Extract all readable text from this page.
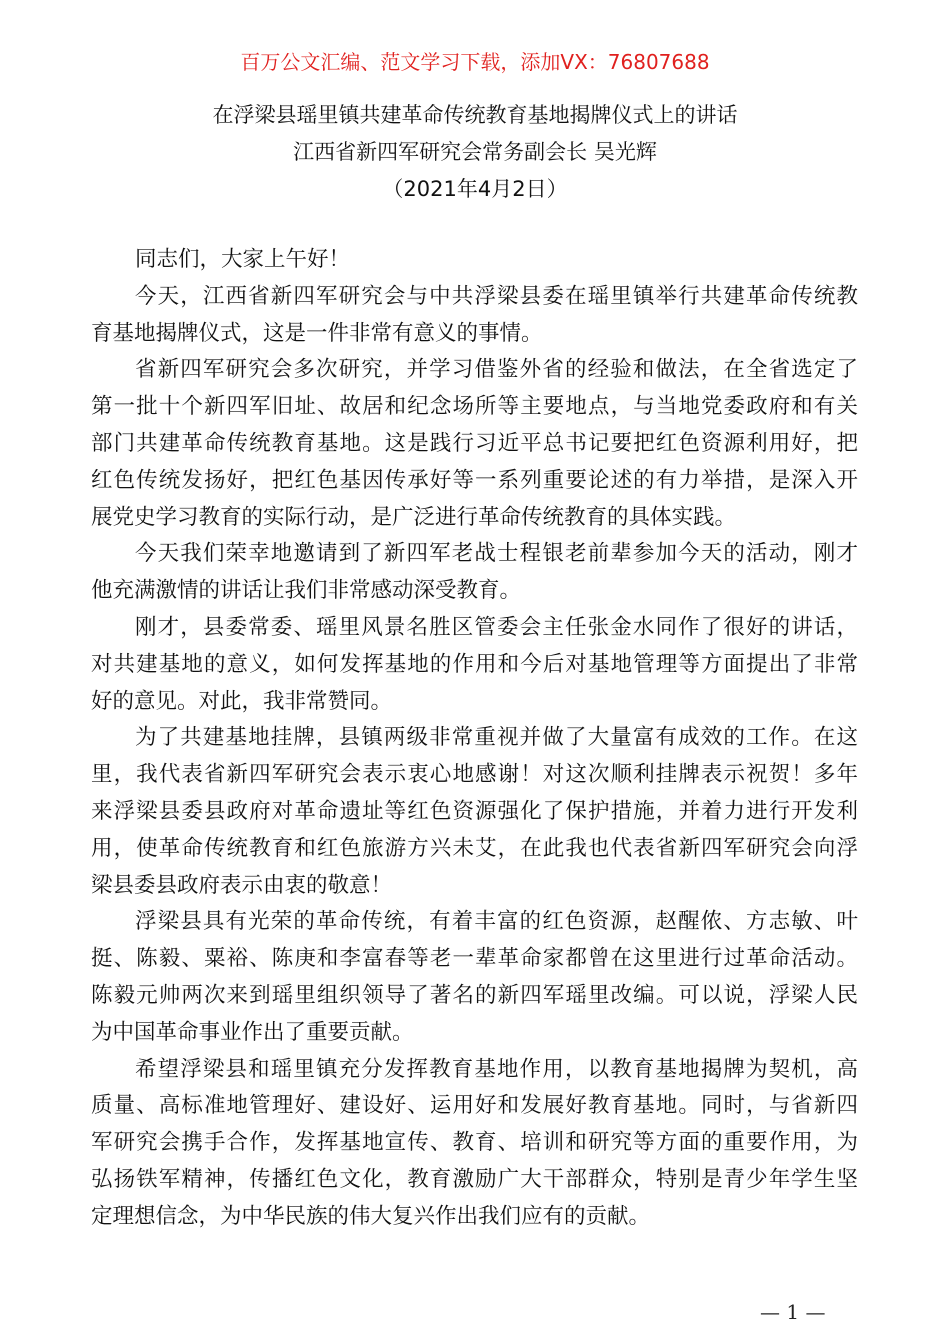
百万公文汇编、范文学习下载，添加VX：76807688
在浮梁县瑶里镇共建革命传统教育基地揭牌仪式上的讲话
江西省新四军研究会常务副会长 吴光辉
（2021年4月2日）
同志们，大家上午好！
今天，江西省新四军研究会与中共浮梁县委在瑶里镇举行共建革命传统教
育基地揭牌仪式，这是一件非常有意义的事情。
省新四军研究会多次研究，并学习借鉴外省的经验和做法，在全省选定了
第一批十个新四军旧址、故居和纪念场所等主要地点，与当地党委政府和有关
部门共建革命传统教育基地。这是践行习近平总书记要把红色资源利用好，把
红色传统发扬好，把红色基因传承好等一系列重要论述的有力举措，是深入开
展党史学习教育的实际行动，是广泛进行革命传统教育的具体实践。
今天我们荣幸地邀请到了新四军老战士程银老前辈参加今天的活动，刚才
他充满激情的讲话让我们非常感动深受教育。
刚才，县委常委、瑶里风景名胜区管委会主任张金水同作了很好的讲话，
对共建基地的意义，如何发挥基地的作用和今后对基地管理等方面提出了非常
好的意见。对此，我非常赞同。
为了共建基地挂牌，县镇两级非常重视并做了大量富有成效的工作。在这
里，我代表省新四军研究会表示衷心地感谢！对这次顺利挂牌表示祝贺！多年
来浮梁县委县政府对革命遗址等红色资源强化了保护措施，并着力进行开发利
用，使革命传统教育和红色旅游方兴未艾，在此我也代表省新四军研究会向浮
梁县委县政府表示由衷的敬意！
浮梁县具有光荣的革命传统，有着丰富的红色资源，赵醒侬、方志敏、叶
挺、陈毅、粟裕、陈庚和李富春等老一辈革命家都曾在这里进行过革命活动。
陈毅元帅两次来到瑶里组织领导了著名的新四军瑶里改编。可以说，浮梁人民
为中国革命事业作出了重要贡献。
希望浮梁县和瑶里镇充分发挥教育基地作用，以教育基地揭牌为契机，高
质量、高标准地管理好、建设好、运用好和发展好教育基地。同时，与省新四
军研究会携手合作，发挥基地宣传、教育、培训和研究等方面的重要作用，为
弘扬铁军精神，传播红色文化，教育激励广大干部群众，特别是青少年学生坚
定理想信念，为中华民族的伟大复兴作出我们应有的贡献。
— 1 —
